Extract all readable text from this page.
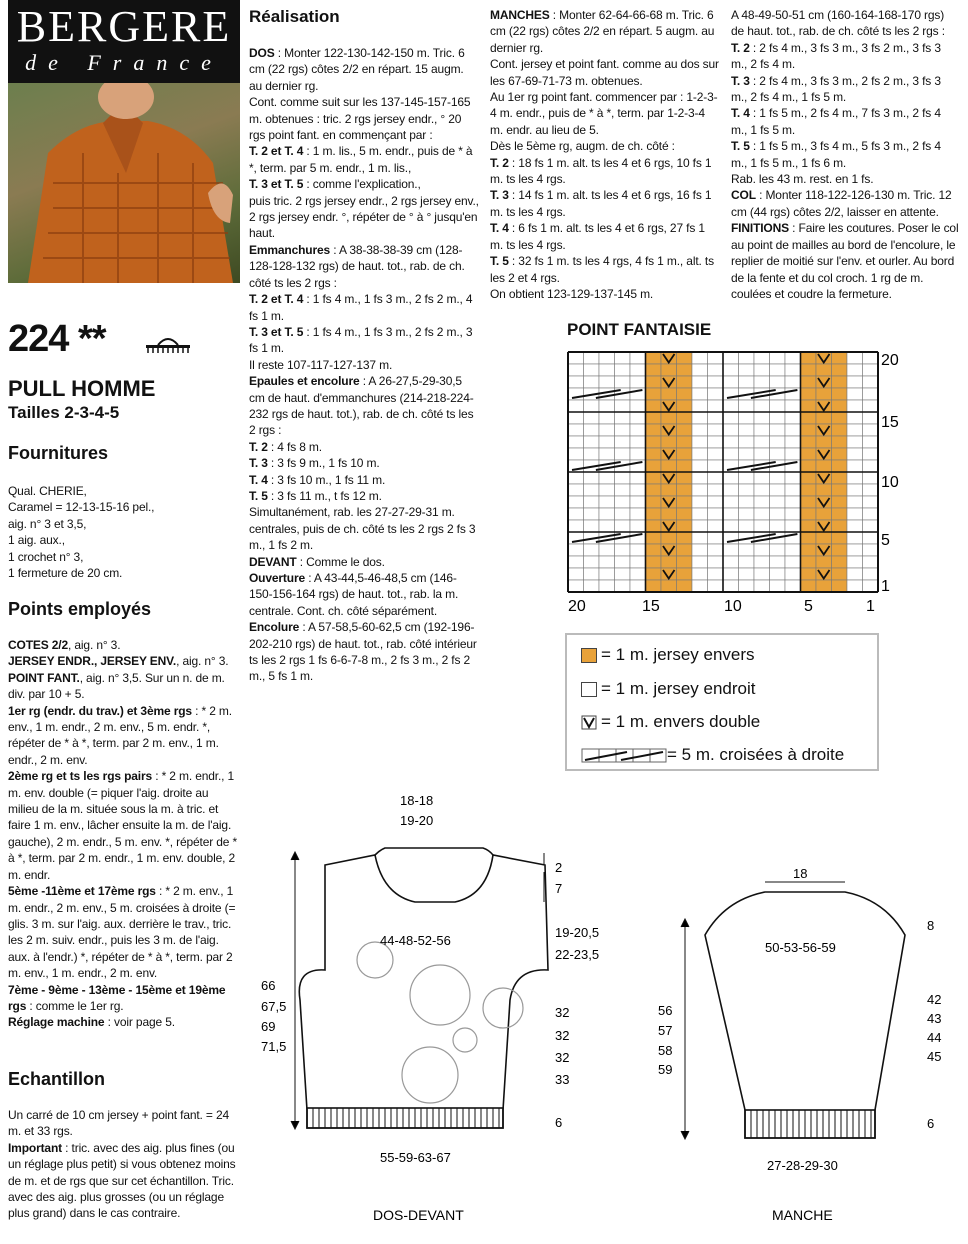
BERGERE
de France
224 **
PULL HOMME
Tailles 2-3-4-5
Fournitures
Qual. CHERIE,
Caramel = 12-13-15-16 pel.,
aig. n° 3 et 3,5,
1 aig. aux.,
1 crochet n° 3,
1 fermeture de 20 cm.
Points employés
COTES 2/2, aig. n° 3.
JERSEY ENDR., JERSEY ENV., aig. n° 3.
POINT FANT., aig. n° 3,5. Sur un n. de m. div. par 10 + 5.
1er rg (endr. du trav.) et 3ème rgs : * 2 m. env., 1 m. endr., 2 m. env., 5 m. endr. *, répéter de * à *, term. par 2 m. env., 1 m. endr., 2 m. env.
2ème rg et ts les rgs pairs : * 2 m. endr., 1 m. env. double (= piquer l'aig. droite au milieu de la m. située sous la m. à tric. et faire 1 m. env., lâcher ensuite la m. de l'aig. gauche), 2 m. endr., 5 m. env. *, répéter de * à *, term. par 2 m. endr., 1 m. env. double, 2 m. endr.
5ème -11ème et 17ème rgs : * 2 m. env., 1 m. endr., 2 m. env., 5 m. croisées à droite (= glis. 3 m. sur l'aig. aux. derrière le trav., tric. les 2 m. suiv. endr., puis les 3 m. de l'aig. aux. à l'endr.) *, répéter de * à *, term. par 2 m. env., 1 m. endr., 2 m. env.
7ème - 9ème - 13ème - 15ème et 19ème rgs : comme le 1er rg.
Réglage machine : voir page 5.
Echantillon
Un carré de 10 cm jersey + point fant. = 24 m. et 33 rgs.
Important : tric. avec des aig. plus fines (ou un réglage plus petit) si vous obtenez moins de m. et de rgs que sur cet échantillon. Tric. avec des aig. plus grosses (ou un réglage plus grand) dans le cas contraire.
Réalisation
DOS : Monter 122-130-142-150 m. Tric. 6 cm (22 rgs) côtes 2/2 en répart. 15 augm. au dernier rg.
Cont. comme suit sur les 137-145-157-165 m. obtenues : tric. 2 rgs jersey endr., ° 20 rgs point fant. en commençant par :
T. 2 et T. 4 : 1 m. lis., 5 m. endr., puis de * à *, term. par 5 m. endr., 1 m. lis.,
T. 3 et T. 5 : comme l'explication.,
puis tric. 2 rgs jersey endr., 2 rgs jersey env., 2 rgs jersey endr. °, répéter de ° à ° jusqu'en haut.
Emmanchures : A 38-38-38-39 cm (128-128-128-132 rgs) de haut. tot., rab. de ch. côté ts les 2 rgs :
T. 2 et T. 4 : 1 fs 4 m., 1 fs 3 m., 2 fs 2 m., 4 fs 1 m.
T. 3 et T. 5 : 1 fs 4 m., 1 fs 3 m., 2 fs 2 m., 3 fs 1 m.
Il reste 107-117-127-137 m.
Epaules et encolure : A 26-27,5-29-30,5 cm de haut. d'emmanchures (214-218-224-232 rgs de haut. tot.), rab. de ch. côté ts les 2 rgs :
T. 2 : 4 fs 8 m.
T. 3 : 3 fs 9 m., 1 fs 10 m.
T. 4 : 3 fs 10 m., 1 fs 11 m.
T. 5 : 3 fs 11 m., t fs 12 m.
Simultanément, rab. les 27-27-29-31 m. centrales, puis de ch. côté ts les 2 rgs 2 fs 3 m., 1 fs 2 m.
DEVANT : Comme le dos.
Ouverture : A 43-44,5-46-48,5 cm (146-150-156-164 rgs) de haut. tot., rab. la m. centrale. Cont. ch. côté séparément.
Encolure : A 57-58,5-60-62,5 cm (192-196-202-210 rgs) de haut. tot., rab. côté intérieur ts les 2 rgs 1 fs 6-6-7-8 m., 2 fs 3 m., 2 fs 2 m., 5 fs 1 m.
MANCHES : Monter 62-64-66-68 m. Tric. 6 cm (22 rgs) côtes 2/2 en répart. 5 augm. au dernier rg.
Cont. jersey et point fant. comme au dos sur les 67-69-71-73 m. obtenues.
Au 1er rg point fant. commencer par : 1-2-3-4 m. endr., puis de * à *, term. par 1-2-3-4 m. endr. au lieu de 5.
Dès le 5ème rg, augm. de ch. côté :
T. 2 : 18 fs 1 m. alt. ts les 4 et 6 rgs, 10 fs 1 m. ts les 4 rgs.
T. 3 : 14 fs 1 m. alt. ts les 4 et 6 rgs, 16 fs 1 m. ts les 4 rgs.
T. 4 : 6 fs 1 m. alt. ts les 4 et 6 rgs, 27 fs 1 m. ts les 4 rgs.
T. 5 : 32 fs 1 m. ts les 4 rgs, 4 fs 1 m., alt. ts les 2 et 4 rgs.
On obtient 123-129-137-145 m.
A 48-49-50-51 cm (160-164-168-170 rgs) de haut. tot., rab. de ch. côté ts les 2 rgs :
T. 2 : 2 fs 4 m., 3 fs 3 m., 3 fs 2 m., 3 fs 3 m., 2 fs 4 m.
T. 3 : 2 fs 4 m., 3 fs 3 m., 2 fs 2 m., 3 fs 3 m., 2 fs 4 m., 1 fs 5 m.
T. 4 : 1 fs 5 m., 2 fs 4 m., 7 fs 3 m., 2 fs 4 m., 1 fs 5 m.
T. 5 : 1 fs 5 m., 3 fs 4 m., 5 fs 3 m., 2 fs 4 m., 1 fs 5 m., 1 fs 6 m.
Rab. les 43 m. rest. en 1 fs.
COL : Monter 118-122-126-130 m. Tric. 12 cm (44 rgs) côtes 2/2, laisser en attente.
FINITIONS : Faire les coutures. Poser le col au point de mailles au bord de l'encolure, le replier de moitié sur l'env. et ourler. Au bord de la fente et du col croch. 1 rg de m. coulées et coudre la fermeture.
POINT FANTAISIE
20
15
10
5
1
20	15	10	5	1
= 1 m. jersey envers
= 1 m. jersey endroit
= 1 m. envers double
= 5 m. croisées à droite
18-18
19-20
44-48-52-56
55-59-63-67
DOS-DEVANT
2
7
19-20,5
22-23,5
32
32
32
33
6
66
67,5
69
71,5
18
50-53-56-59
27-28-29-30
MANCHE
56
57
58
59
8
42
43
44
45
6
